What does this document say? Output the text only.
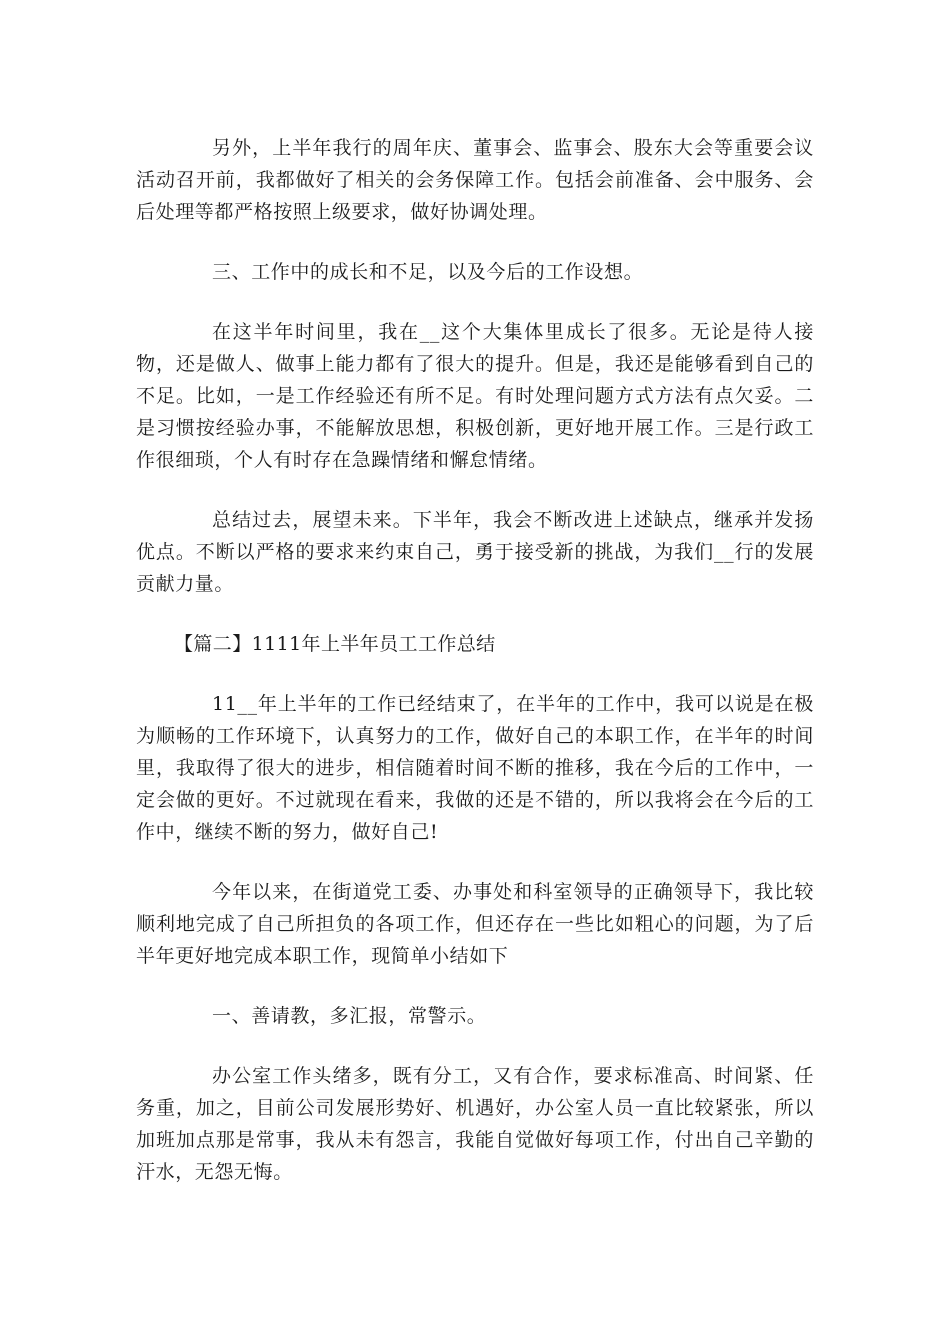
另外，上半年我行的周年庆、董事会、监事会、股东大会等重要会议活动召开前，我都做好了相关的会务保障工作。包括会前准备、会中服务、会后处理等都严格按照上级要求，做好协调处理。

三、工作中的成长和不足，以及今后的工作设想。

在这半年时间里，我在__这个大集体里成长了很多。无论是待人接物，还是做人、做事上能力都有了很大的提升。但是，我还是能够看到自己的不足。比如，一是工作经验还有所不足。有时处理问题方式方法有点欠妥。二是习惯按经验办事，不能解放思想，积极创新，更好地开展工作。三是行政工作很细琐，个人有时存在急躁情绪和懈怠情绪。

总结过去，展望未来。下半年，我会不断改进上述缺点，继承并发扬优点。不断以严格的要求来约束自己，勇于接受新的挑战，为我们__行的发展贡献力量。

【篇二】1111年上半年员工工作总结

11__年上半年的工作已经结束了，在半年的工作中，我可以说是在极为顺畅的工作环境下，认真努力的工作，做好自己的本职工作，在半年的时间里，我取得了很大的进步，相信随着时间不断的推移，我在今后的工作中，一定会做的更好。不过就现在看来，我做的还是不错的，所以我将会在今后的工作中，继续不断的努力，做好自己!

今年以来，在街道党工委、办事处和科室领导的正确领导下，我比较顺利地完成了自己所担负的各项工作，但还存在一些比如粗心的问题，为了后半年更好地完成本职工作，现简单小结如下

一、善请教，多汇报，常警示。

办公室工作头绪多，既有分工，又有合作，要求标准高、时间紧、任务重，加之，目前公司发展形势好、机遇好，办公室人员一直比较紧张，所以加班加点那是常事，我从未有怨言，我能自觉做好每项工作，付出自己辛勤的汗水，无怨无悔。
